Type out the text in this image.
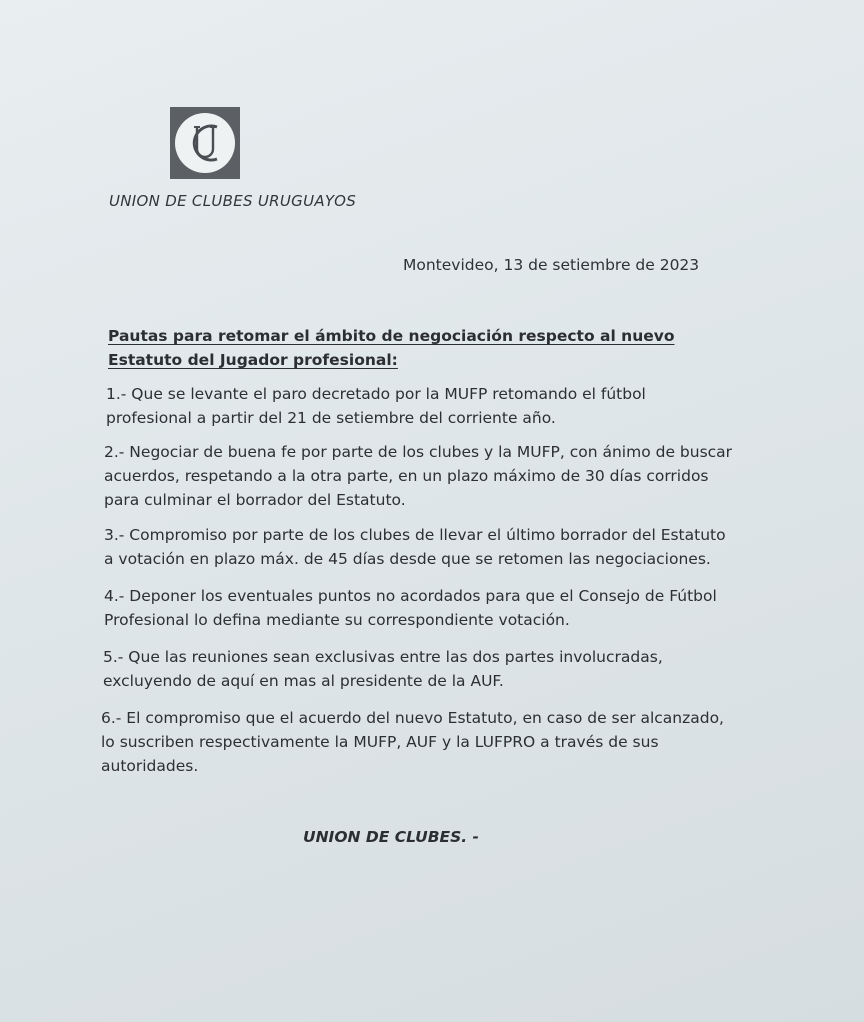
UNION DE CLUBES URUGUAYOS
Montevideo, 13 de setiembre de 2023
Pautas para retomar el ámbito de negociación respecto al nuevo Estatuto del Jugador profesional:
1.- Que se levante el paro decretado por la MUFP retomando el fútbol
profesional a partir del 21 de setiembre del corriente año.
2.- Negociar de buena fe por parte de los clubes y la MUFP, con ánimo de buscar
acuerdos, respetando a la otra parte, en un plazo máximo de 30 días corridos
para culminar el borrador del Estatuto.
3.- Compromiso por parte de los clubes de llevar el último borrador del Estatuto
a votación en plazo máx. de 45 días desde que se retomen las negociaciones.
4.- Deponer los eventuales puntos no acordados para que el Consejo de Fútbol
Profesional lo defina mediante su correspondiente votación.
5.- Que las reuniones sean exclusivas entre las dos partes involucradas,
excluyendo de aquí en mas al presidente de la AUF.
6.- El compromiso que el acuerdo del nuevo Estatuto, en caso de ser alcanzado,
lo suscriben respectivamente la MUFP, AUF y la LUFPRO a través de sus
autoridades.
UNION DE CLUBES. -
